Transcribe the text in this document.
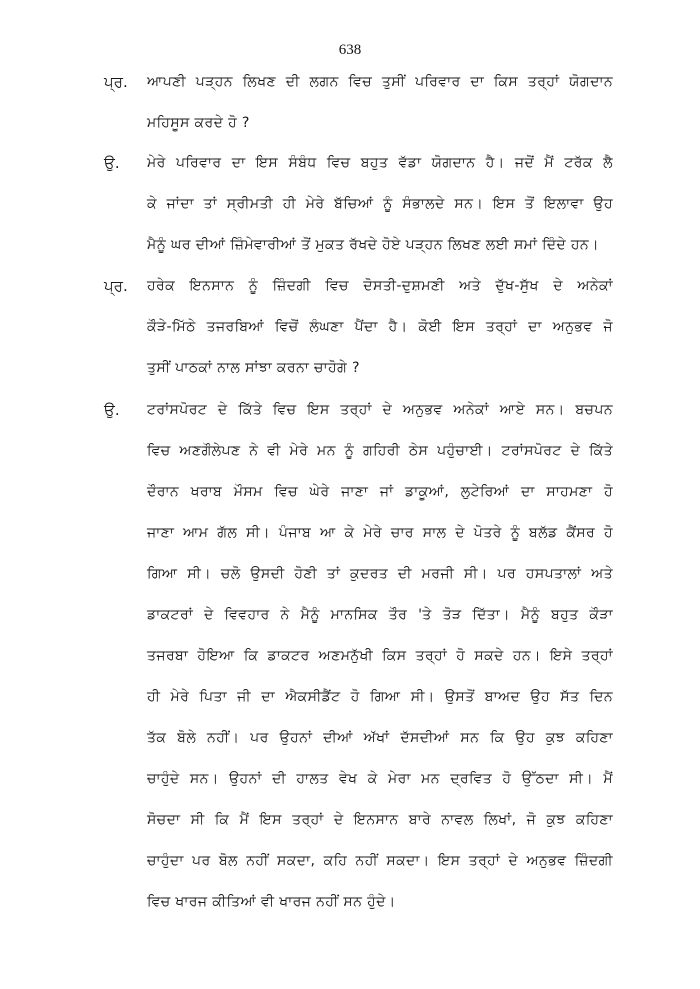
638
ਪ੍ਰ. ਆਪਣੀ ਪੜ੍ਹਨ ਲਿਖਣ ਦੀ ਲਗਨ ਵਿਚ ਤੁਸੀਂ ਪਰਿਵਾਰ ਦਾ ਕਿਸ ਤਰ੍ਹਾਂ ਯੋਗਦਾਨ
ਮਹਿਸੂਸ ਕਰਦੇ ਹੋ ?
ਉ. ਮੇਰੇ ਪਰਿਵਾਰ ਦਾ ਇਸ ਸੰਬੰਧ ਵਿਚ ਬਹੁਤ ਵੱਡਾ ਯੋਗਦਾਨ ਹੈ। ਜਦੋਂ ਮੈਂ ਟਰੱਕ ਲੈ
ਕੇ ਜਾਂਦਾ ਤਾਂ ਸ੍ਰੀਮਤੀ ਹੀ ਮੇਰੇ ਬੱਚਿਆਂ ਨੂੰ ਸੰਭਾਲਦੇ ਸਨ। ਇਸ ਤੋਂ ਇਲਾਵਾ ਉਹ
ਮੈਨੂੰ ਘਰ ਦੀਆਂ ਜ਼ਿੰਮੇਵਾਰੀਆਂ ਤੋਂ ਮੁਕਤ ਰੱਖਦੇ ਹੋਏ ਪੜ੍ਹਨ ਲਿਖਣ ਲਈ ਸਮਾਂ ਦਿੰਦੇ ਹਨ।
ਪ੍ਰ. ਹਰੇਕ ਇਨਸਾਨ ਨੂੰ ਜ਼ਿੰਦਗੀ ਵਿਚ ਦੋਸਤੀ-ਦੁਸ਼ਮਣੀ ਅਤੇ ਦੁੱਖ-ਸੁੱਖ ਦੇ ਅਨੇਕਾਂ
ਕੌੜੇ-ਮਿੱਠੇ ਤਜਰਬਿਆਂ ਵਿਚੋਂ ਲੰਘਣਾ ਪੈਂਦਾ ਹੈ। ਕੋਈ ਇਸ ਤਰ੍ਹਾਂ ਦਾ ਅਨੁਭਵ ਜੋ
ਤੁਸੀਂ ਪਾਠਕਾਂ ਨਾਲ ਸਾਂਝਾ ਕਰਨਾ ਚਾਹੋਗੇ ?
ਉ. ਟਰਾਂਸਪੋਰਟ ਦੇ ਕਿੱਤੇ ਵਿਚ ਇਸ ਤਰ੍ਹਾਂ ਦੇ ਅਨੁਭਵ ਅਨੇਕਾਂ ਆਏ ਸਨ। ਬਚਪਨ
ਵਿਚ ਅਣਗੌਲੇਪਣ ਨੇ ਵੀ ਮੇਰੇ ਮਨ ਨੂੰ ਗਹਿਰੀ ਠੇਸ ਪਹੁੰਚਾਈ। ਟਰਾਂਸਪੋਰਟ ਦੇ ਕਿੱਤੇ
ਦੌਰਾਨ ਖਰਾਬ ਮੌਸਮ ਵਿਚ ਘੇਰੇ ਜਾਣਾ ਜਾਂ ਡਾਕੂਆਂ, ਲੁਟੇਰਿਆਂ ਦਾ ਸਾਹਮਣਾ ਹੋ
ਜਾਣਾ ਆਮ ਗੱਲ ਸੀ। ਪੰਜਾਬ ਆ ਕੇ ਮੇਰੇ ਚਾਰ ਸਾਲ ਦੇ ਪੋਤਰੇ ਨੂੰ ਬਲੱਡ ਕੈਂਸਰ ਹੋ
ਗਿਆ ਸੀ। ਚਲੋ ਉਸਦੀ ਹੋਣੀ ਤਾਂ ਕੁਦਰਤ ਦੀ ਮਰਜੀ ਸੀ। ਪਰ ਹਸਪਤਾਲਾਂ ਅਤੇ
ਡਾਕਟਰਾਂ ਦੇ ਵਿਵਹਾਰ ਨੇ ਮੈਨੂੰ ਮਾਨਸਿਕ ਤੌਰ 'ਤੇ ਤੋੜ ਦਿੱਤਾ। ਮੈਨੂੰ ਬਹੁਤ ਕੌੜਾ
ਤਜਰਬਾ ਹੋਇਆ ਕਿ ਡਾਕਟਰ ਅਣਮਨੁੱਖੀ ਕਿਸ ਤਰ੍ਹਾਂ ਹੋ ਸਕਦੇ ਹਨ। ਇਸੇ ਤਰ੍ਹਾਂ
ਹੀ ਮੇਰੇ ਪਿਤਾ ਜੀ ਦਾ ਐਕਸੀਡੈਂਟ ਹੋ ਗਿਆ ਸੀ। ਉਸਤੋਂ ਬਾਅਦ ਉਹ ਸੱਤ ਦਿਨ
ਤੱਕ ਬੋਲੇ ਨਹੀਂ। ਪਰ ਉਹਨਾਂ ਦੀਆਂ ਅੱਖਾਂ ਦੱਸਦੀਆਂ ਸਨ ਕਿ ਉਹ ਕੁਝ ਕਹਿਣਾ
ਚਾਹੁੰਦੇ ਸਨ। ਉਹਨਾਂ ਦੀ ਹਾਲਤ ਵੇਖ ਕੇ ਮੇਰਾ ਮਨ ਦ੍ਰਵਿਤ ਹੋ ਉੱਠਦਾ ਸੀ। ਮੈਂ
ਸੋਚਦਾ ਸੀ ਕਿ ਮੈਂ ਇਸ ਤਰ੍ਹਾਂ ਦੇ ਇਨਸਾਨ ਬਾਰੇ ਨਾਵਲ ਲਿਖਾਂ, ਜੋ ਕੁਝ ਕਹਿਣਾ
ਚਾਹੁੰਦਾ ਪਰ ਬੋਲ ਨਹੀਂ ਸਕਦਾ, ਕਹਿ ਨਹੀਂ ਸਕਦਾ। ਇਸ ਤਰ੍ਹਾਂ ਦੇ ਅਨੁਭਵ ਜ਼ਿੰਦਗੀ
ਵਿਚ ਖਾਰਜ ਕੀਤਿਆਂ ਵੀ ਖਾਰਜ ਨਹੀਂ ਸਨ ਹੁੰਦੇ।
